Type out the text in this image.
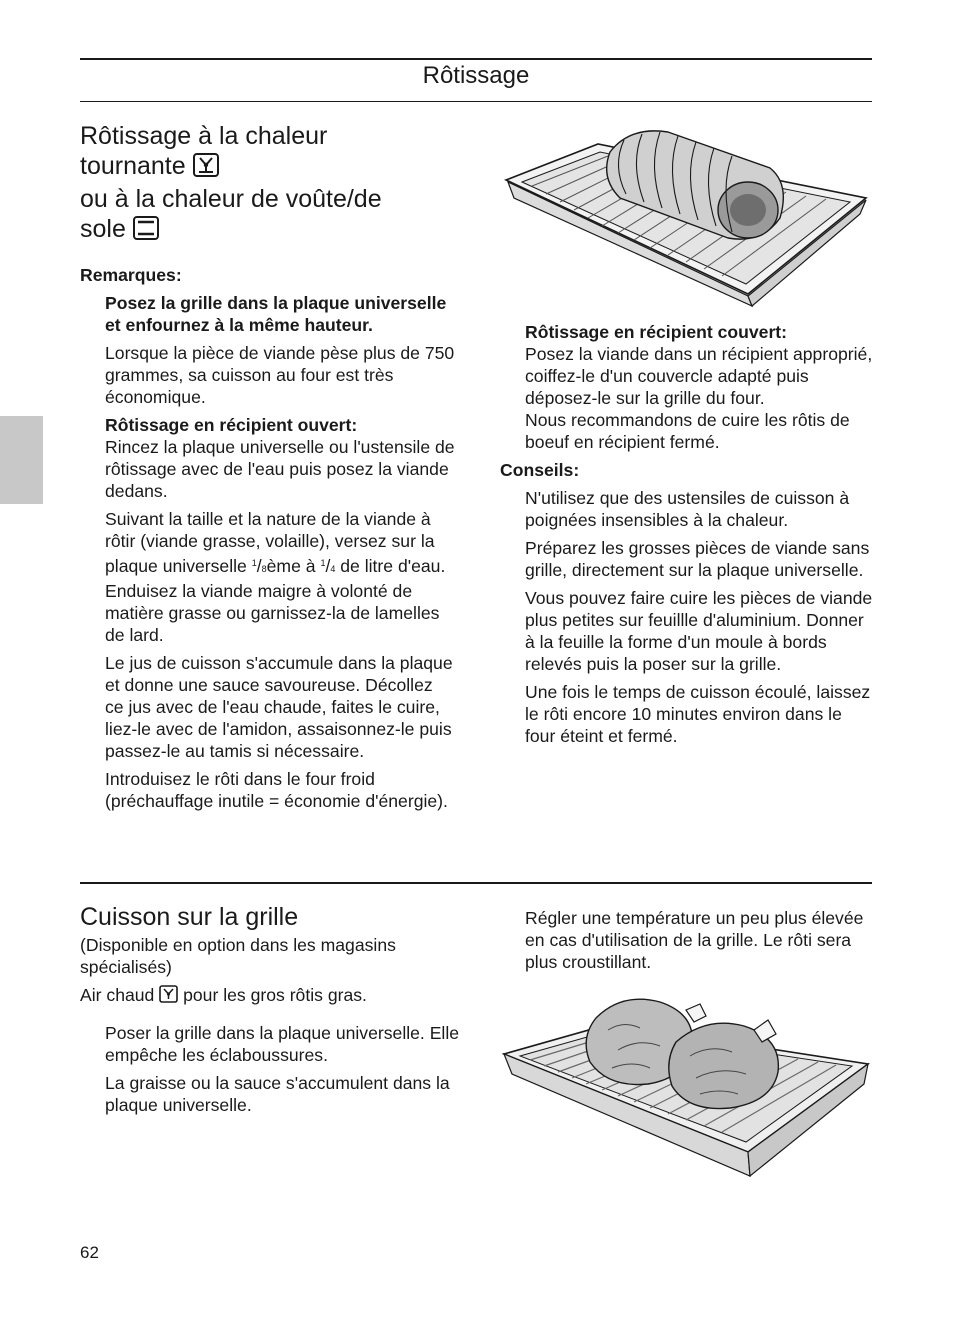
Rôtissage
Rôtissage à la chaleur
tournante
ou à la chaleur de voûte/de
sole

Remarques:

Posez la grille dans la plaque universelle et enfournez à la même hauteur.

Lorsque la pièce de viande pèse plus de 750 grammes, sa cuisson au four est très économique.

Rôtissage en récipient ouvert:
Rincez la plaque universelle ou l'ustensile de rôtissage avec de l'eau puis posez la viande dedans.

Suivant la taille et la nature de la viande à rôtir (viande grasse, volaille), versez sur la plaque universelle $^1$/8ème à $^1$/4 de litre d'eau. Enduisez la viande maigre à volonté de matière grasse ou garnissez-la de lamelles de lard.

Le jus de cuisson s'accumule dans la plaque et donne une sauce savoureuse. Décollez ce jus avec de l'eau chaude, faites le cuire, liez-le avec de l'amidon, assaisonnez-le puis passez-le au tamis si nécessaire.

Introduisez le rôti dans le four froid (préchauffage inutile = économie d'énergie).

Rôtissage en récipient couvert:
Posez la viande dans un récipient approprié, coiffez-le d'un couvercle adapté puis déposez-le sur la grille du four.
Nous recommandons de cuire les rôtis de boeuf en récipient fermé.

Conseils:

N'utilisez que des ustensiles de cuisson à poignées insensibles à la chaleur.

Préparez les grosses pièces de viande sans grille, directement sur la plaque universelle.

Vous pouvez faire cuire les pièces de viande plus petites sur feuillle d'aluminium. Donner à la feuille la forme d'un moule à bords relevés puis la poser sur la grille.

Une fois le temps de cuisson écoulé, laissez le rôti encore 10 minutes environ dans le four éteint et fermé.

Cuisson sur la grille

(Disponible en option dans les magasins spécialisés)

Air chaud pour les gros rôtis gras.

Poser la grille dans la plaque universelle. Elle empêche les éclaboussures.

La graisse ou la sauce s'accumulent dans la plaque universelle.

Régler une température un peu plus élevée en cas d'utilisation de la grille. Le rôti sera plus croustillant.

62
